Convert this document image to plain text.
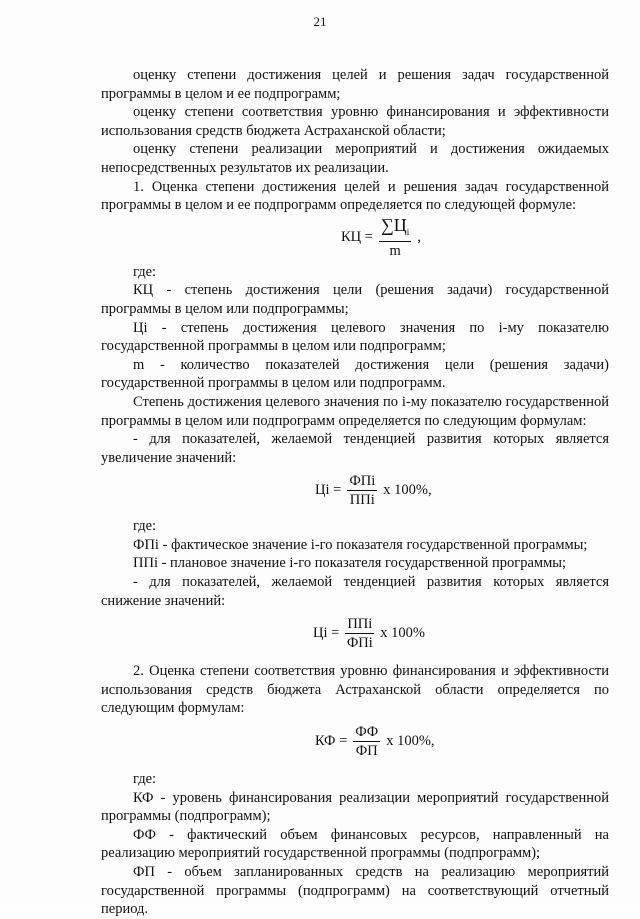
21

оценку степени достижения целей и решения задач государственной программы в целом и ее подпрограмм;

оценку степени соответствия уровню финансирования и эффективности использования средств бюджета Астраханской области;

оценку степени реализации мероприятий и достижения ожидаемых непосредственных результатов их реализации.

1. Оценка степени достижения целей и решения задач государственной программы в целом и ее подпрограмм определяется по следующей формуле:

КЦ = $\frac{\sum Ц_i}{m}$ ,

где:

КЦ - степень достижения цели (решения задачи) государственной программы в целом или подпрограммы;

Цi - степень достижения целевого значения по i-му показателю государственной программы в целом или подпрограмм;

m - количество показателей достижения цели (решения задачи) государственной программы в целом или подпрограмм.

Степень достижения целевого значения по i-му показателю государственной программы в целом или подпрограмм определяется по следующим формулам:

- для показателей, желаемой тенденцией развития которых является увеличение значений:

Цi = $\frac{\text{ФПi}}{\text{ППi}}$ x 100%,

где:

ФПi - фактическое значение i-го показателя государственной программы;

ППi - плановое значение i-го показателя государственной программы;

- для показателей, желаемой тенденцией развития которых является снижение значений:

Цi = $\frac{\text{ППi}}{\text{ФПi}}$ x 100%

2. Оценка степени соответствия уровню финансирования и эффективности использования средств бюджета Астраханской области определяется по следующим формулам:

КФ = $\frac{ФФ}{ФП}$ x 100%,

где:

КФ - уровень финансирования реализации мероприятий государственной программы (подпрограмм);

ФФ - фактический объем финансовых ресурсов, направленный на реализацию мероприятий государственной программы (подпрограмм);

ФП - объем запланированных средств на реализацию мероприятий государственной программы (подпрограмм) на соответствующий отчетный период.
